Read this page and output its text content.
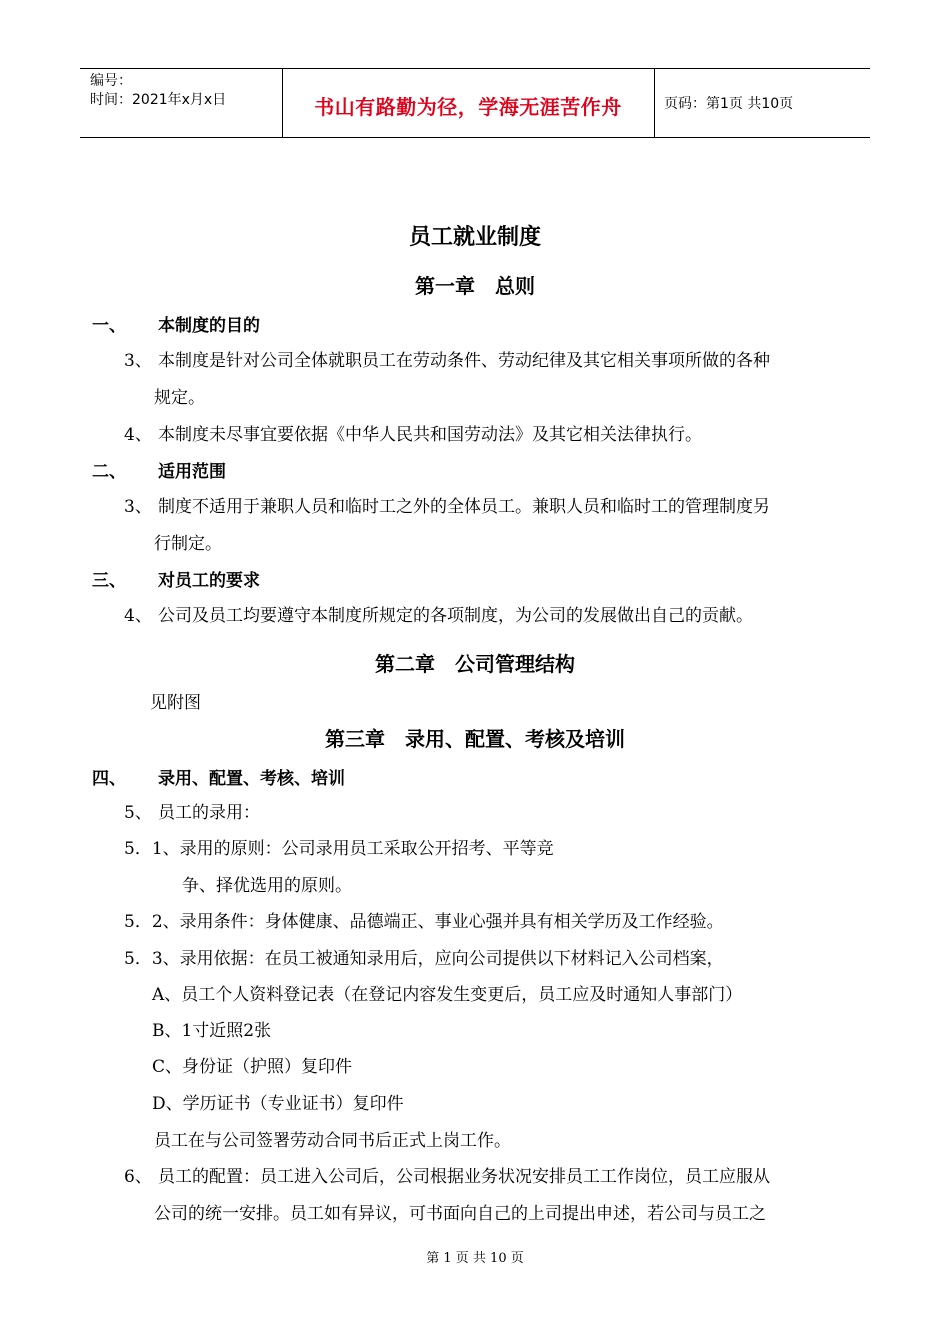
编号：
时间：2021年x月x日	书山有路勤为径，学海无涯苦作舟	页码：第1页 共10页
员工就业制度
第一章　总则
一、 本制度的目的
3、 本制度是针对公司全体就职员工在劳动条件、劳动纪律及其它相关事项所做的各种
规定。
4、 本制度未尽事宜要依据《中华人民共和国劳动法》及其它相关法律执行。
二、 适用范围
3、 制度不适用于兼职人员和临时工之外的全体员工。兼职人员和临时工的管理制度另
行制定。
三、 对员工的要求
4、 公司及员工均要遵守本制度所规定的各项制度，为公司的发展做出自己的贡献。
第二章　公司管理结构
见附图
第三章　录用、配置、考核及培训
四、 录用、配置、考核、培训
5、 员工的录用：
5．1、录用的原则：公司录用员工采取公开招考、平等竞
争、择优选用的原则。
5．2、录用条件：身体健康、品德端正、事业心强并具有相关学历及工作经验。
5．3、录用依据：在员工被通知录用后，应向公司提供以下材料记入公司档案，
A、员工个人资料登记表（在登记内容发生变更后，员工应及时通知人事部门）
B、1寸近照2张
C、身份证（护照）复印件
D、学历证书（专业证书）复印件
员工在与公司签署劳动合同书后正式上岗工作。
6、 员工的配置：员工进入公司后，公司根据业务状况安排员工工作岗位，员工应服从
公司的统一安排。员工如有异议，可书面向自己的上司提出申述，若公司与员工之
第 1 页 共 10 页
